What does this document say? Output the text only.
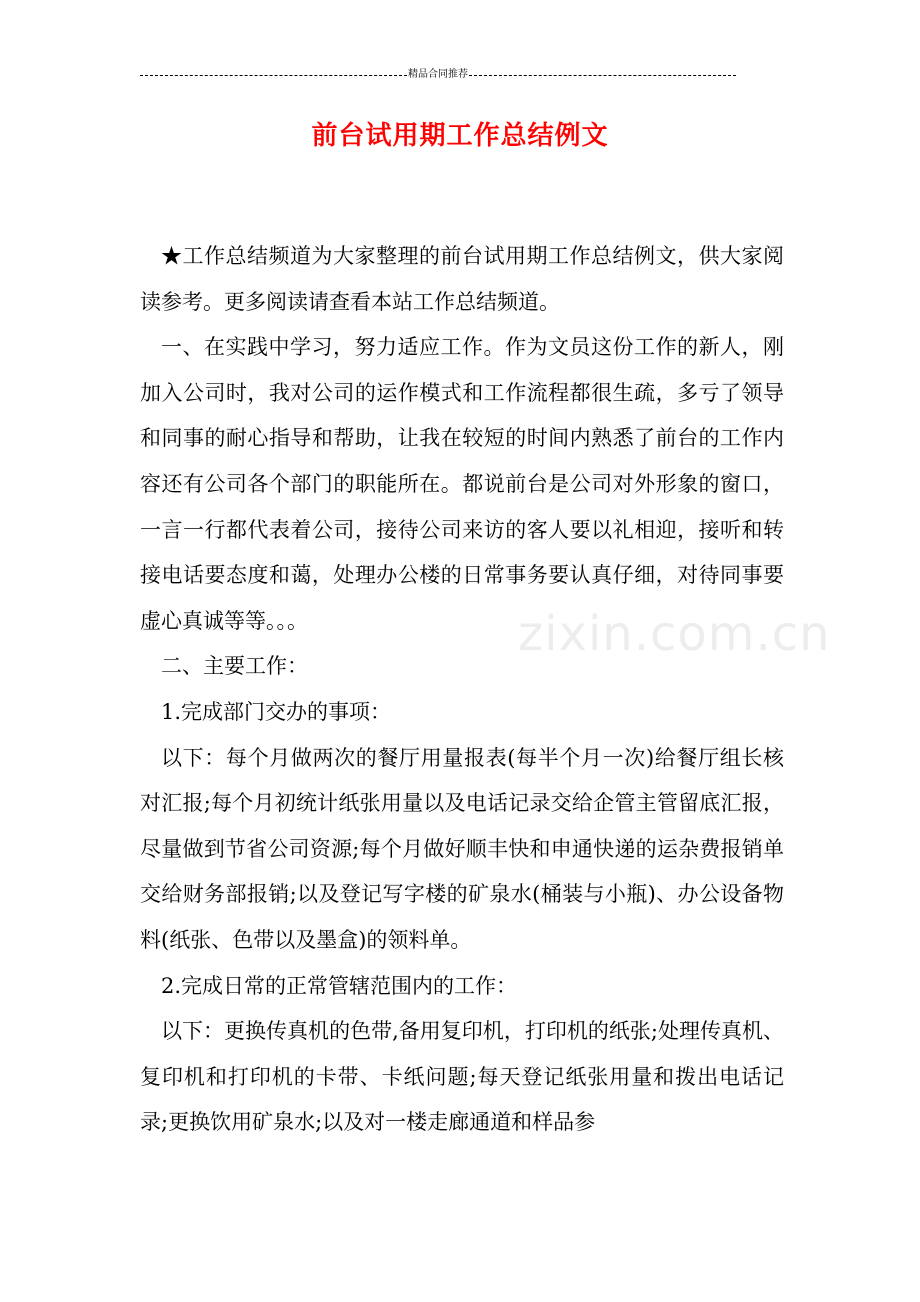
精品合同推荐
前台试用期工作总结例文

★工作总结频道为大家整理的前台试用期工作总结例文，供大家阅读参考。更多阅读请查看本站工作总结频道。

一、在实践中学习，努力适应工作。作为文员这份工作的新人，刚加入公司时，我对公司的运作模式和工作流程都很生疏，多亏了领导和同事的耐心指导和帮助，让我在较短的时间内熟悉了前台的工作内容还有公司各个部门的职能所在。都说前台是公司对外形象的窗口，一言一行都代表着公司，接待公司来访的客人要以礼相迎，接听和转接电话要态度和蔼，处理办公楼的日常事务要认真仔细，对待同事要虚心真诚等等。。。

二、主要工作：

1.完成部门交办的事项：

以下：每个月做两次的餐厅用量报表(每半个月一次)给餐厅组长核对汇报;每个月初统计纸张用量以及电话记录交给企管主管留底汇报，尽量做到节省公司资源;每个月做好顺丰快和申通快递的运杂费报销单交给财务部报销;以及登记写字楼的矿泉水(桶装与小瓶)、办公设备物料(纸张、色带以及墨盒)的领料单。

2.完成日常的正常管辖范围内的工作：

以下：更换传真机的色带,备用复印机，打印机的纸张;处理传真机、复印机和打印机的卡带、卡纸问题;每天登记纸张用量和拨出电话记录;更换饮用矿泉水;以及对一楼走廊通道和样品参

zixin.com.cn
